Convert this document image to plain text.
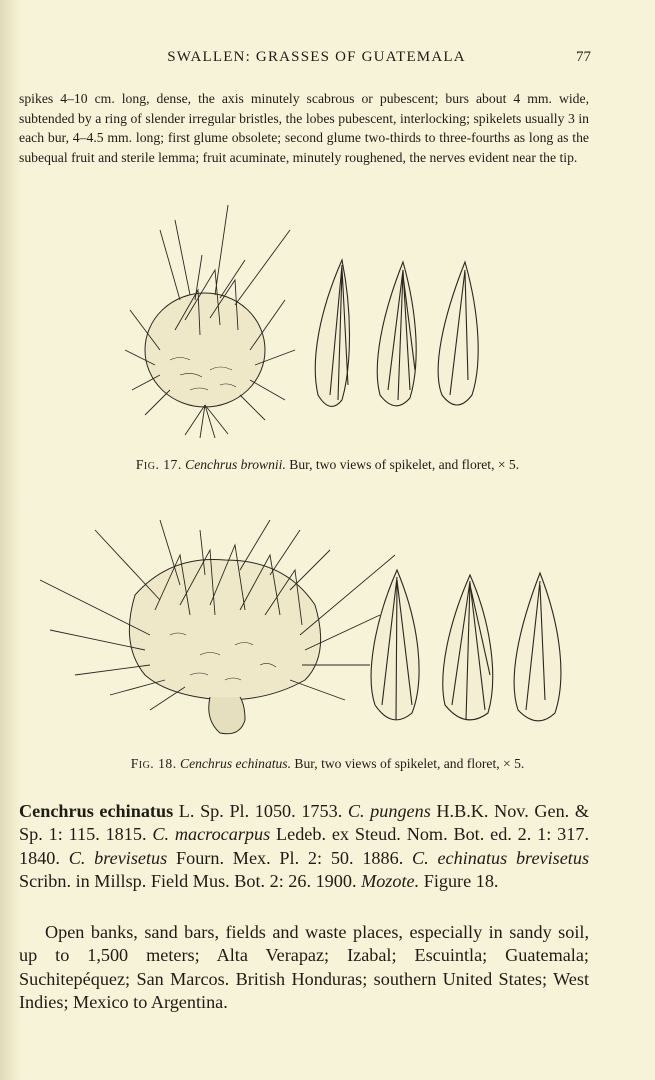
SWALLEN: GRASSES OF GUATEMALA	77
spikes 4–10 cm. long, dense, the axis minutely scabrous or pubescent; burs about 4 mm. wide, subtended by a ring of slender irregular bristles, the lobes pubescent, interlocking; spikelets usually 3 in each bur, 4–4.5 mm. long; first glume obsolete; second glume two-thirds to three-fourths as long as the subequal fruit and sterile lemma; fruit acuminate, minutely roughened, the nerves evident near the tip.
Fig. 17. Cenchrus brownii. Bur, two views of spikelet, and floret, × 5.
Fig. 18. Cenchrus echinatus. Bur, two views of spikelet, and floret, × 5.
Cenchrus echinatus L. Sp. Pl. 1050. 1753. C. pungens H.B.K. Nov. Gen. & Sp. 1: 115. 1815. C. macrocarpus Ledeb. ex Steud. Nom. Bot. ed. 2. 1: 317. 1840. C. brevisetus Fourn. Mex. Pl. 2: 50. 1886. C. echinatus brevisetus Scribn. in Millsp. Field Mus. Bot. 2: 26. 1900. Mozote. Figure 18.
Open banks, sand bars, fields and waste places, especially in sandy soil, up to 1,500 meters; Alta Verapaz; Izabal; Escuintla; Guatemala; Suchitepéquez; San Marcos. British Honduras; southern United States; West Indies; Mexico to Argentina.
